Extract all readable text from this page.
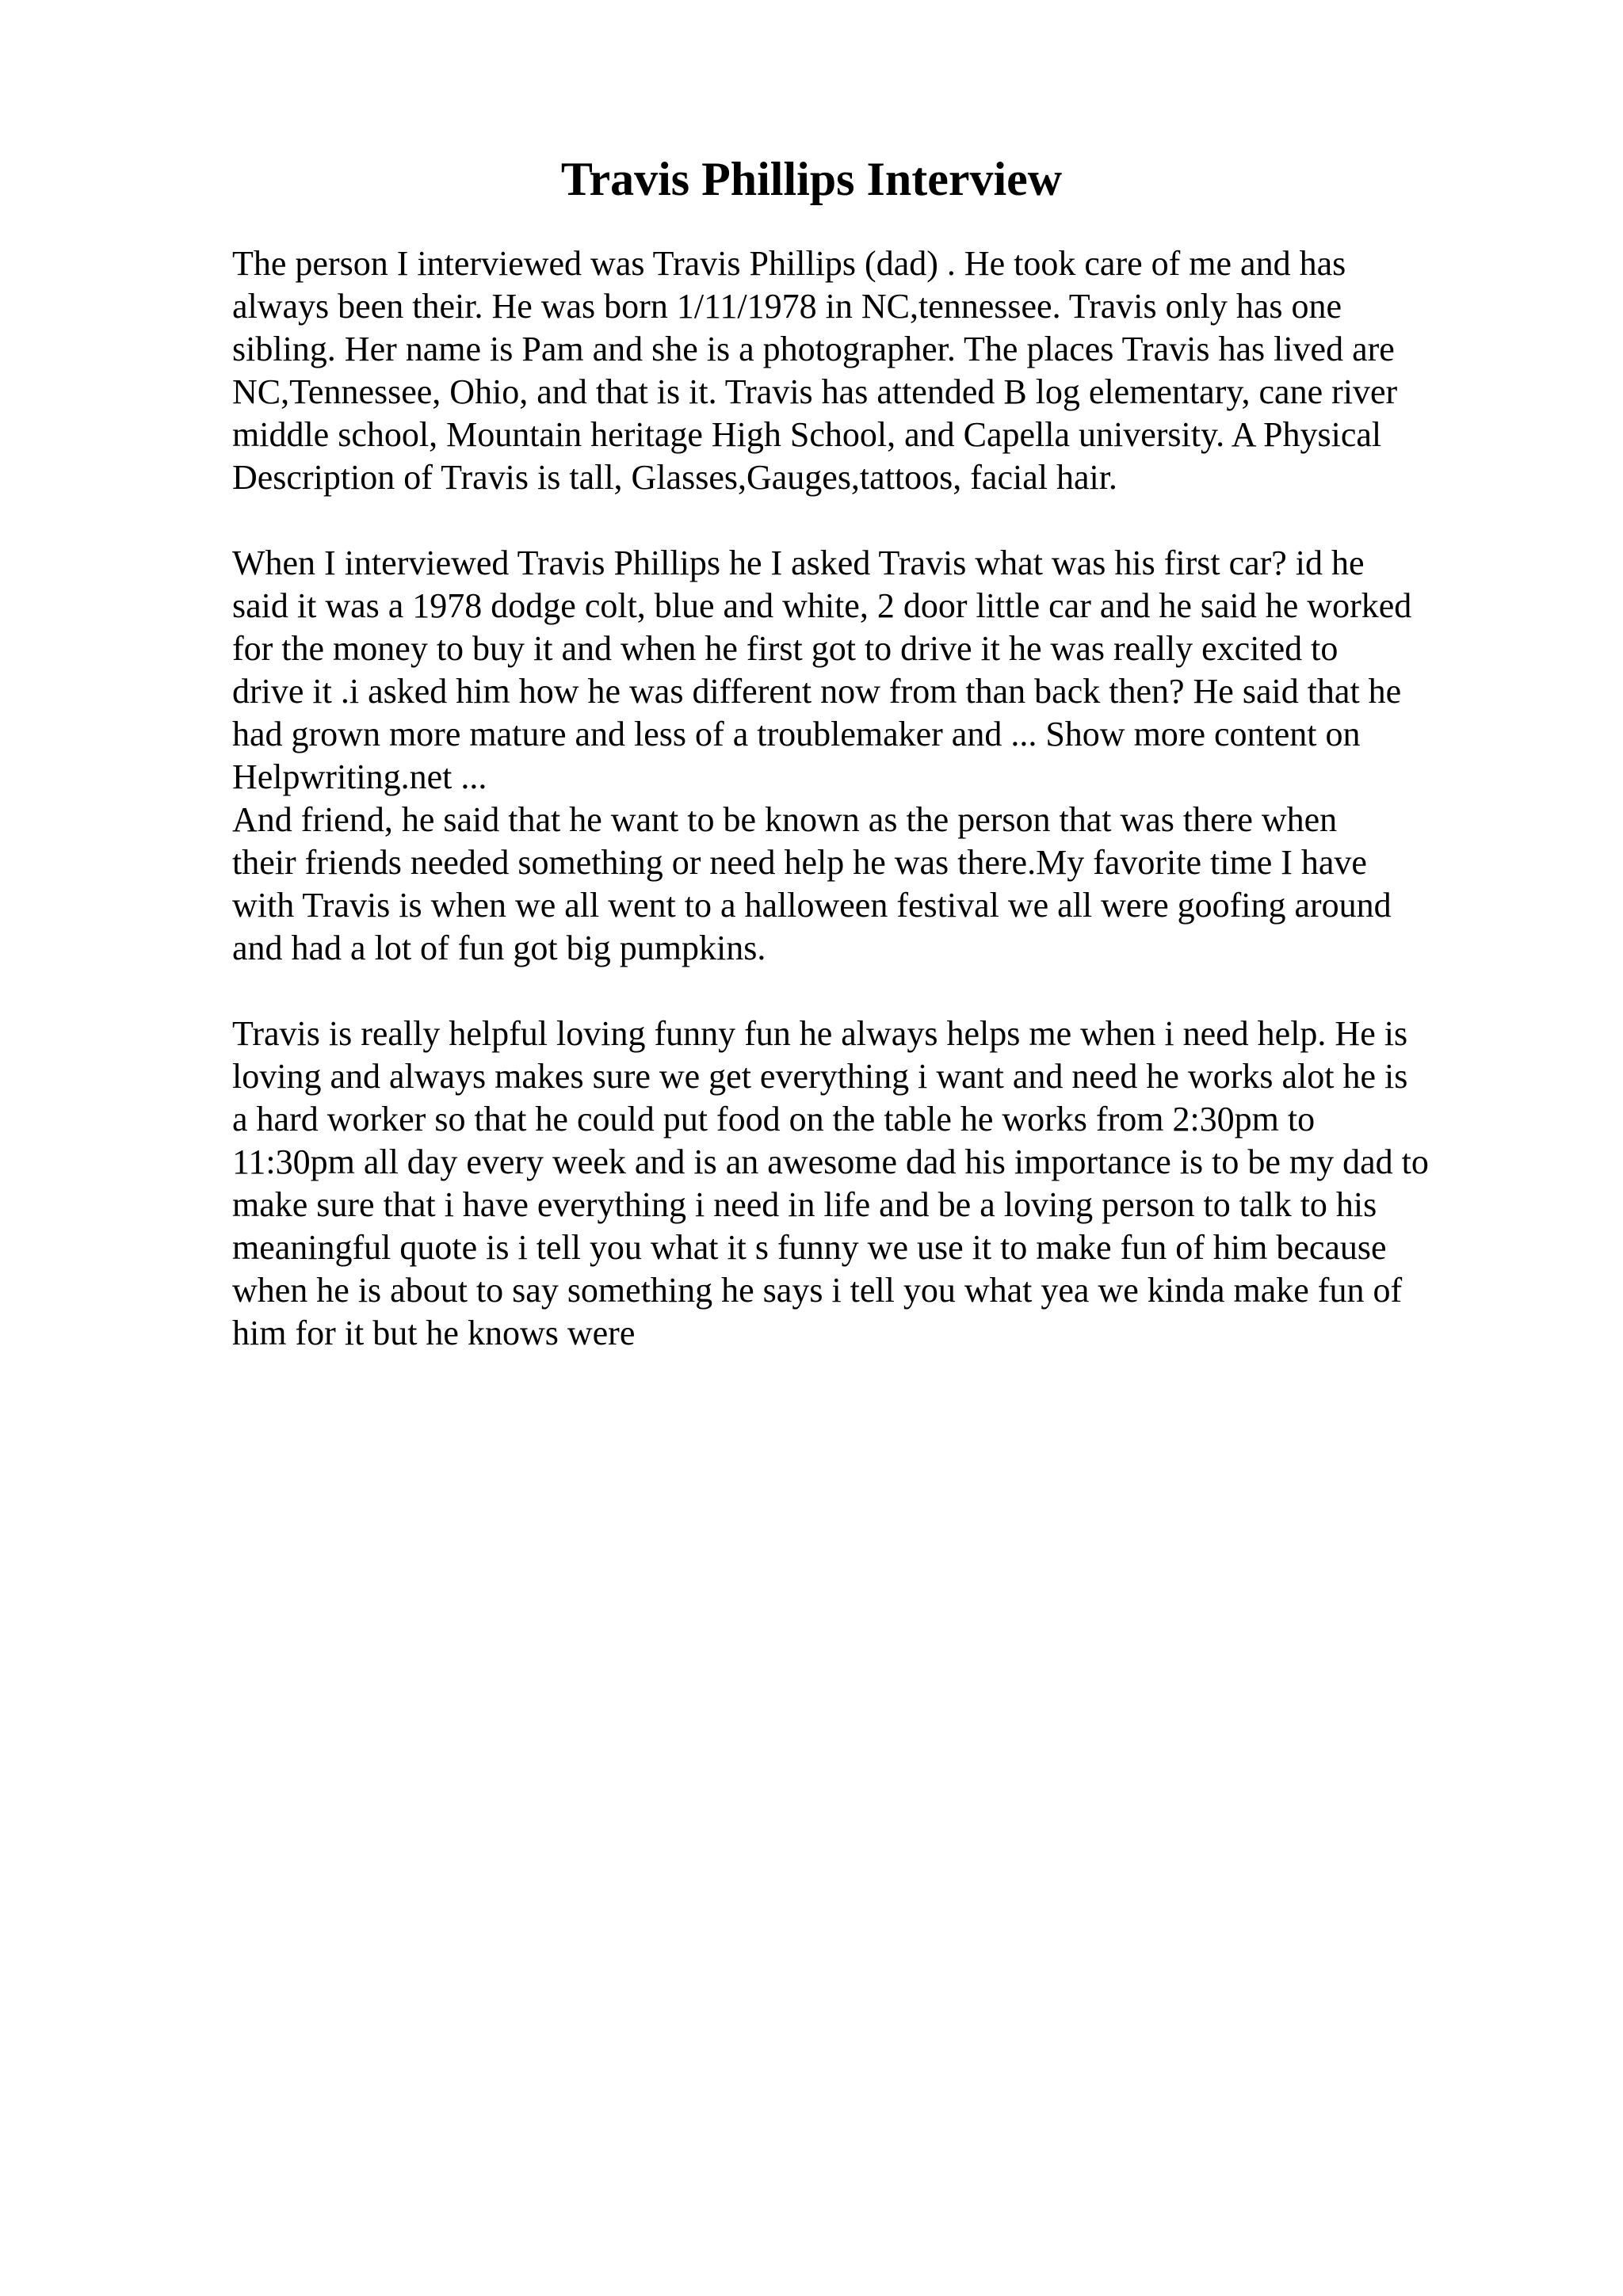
Travis Phillips Interview
The person I interviewed was Travis Phillips (dad) . He took care of me and has
always been their. He was born 1/11/1978 in NC,tennessee. Travis only has one
sibling. Her name is Pam and she is a photographer. The places Travis has lived are
NC,Tennessee, Ohio, and that is it. Travis has attended B log elementary, cane river
middle school, Mountain heritage High School, and Capella university. A Physical
Description of Travis is tall, Glasses,Gauges,tattoos, facial hair.
When I interviewed Travis Phillips he I asked Travis what was his first car? id he
said it was a 1978 dodge colt, blue and white, 2 door little car and he said he worked
for the money to buy it and when he first got to drive it he was really excited to
drive it .i asked him how he was different now from than back then? He said that he
had grown more mature and less of a troublemaker and ... Show more content on
Helpwriting.net ...
And friend, he said that he want to be known as the person that was there when
their friends needed something or need help he was there.My favorite time I have
with Travis is when we all went to a halloween festival we all were goofing around
and had a lot of fun got big pumpkins.
Travis is really helpful loving funny fun he always helps me when i need help. He is
loving and always makes sure we get everything i want and need he works alot he is
a hard worker so that he could put food on the table he works from 2:30pm to
11:30pm all day every week and is an awesome dad his importance is to be my dad to
make sure that i have everything i need in life and be a loving person to talk to his
meaningful quote is i tell you what it s funny we use it to make fun of him because
when he is about to say something he says i tell you what yea we kinda make fun of
him for it but he knows were
